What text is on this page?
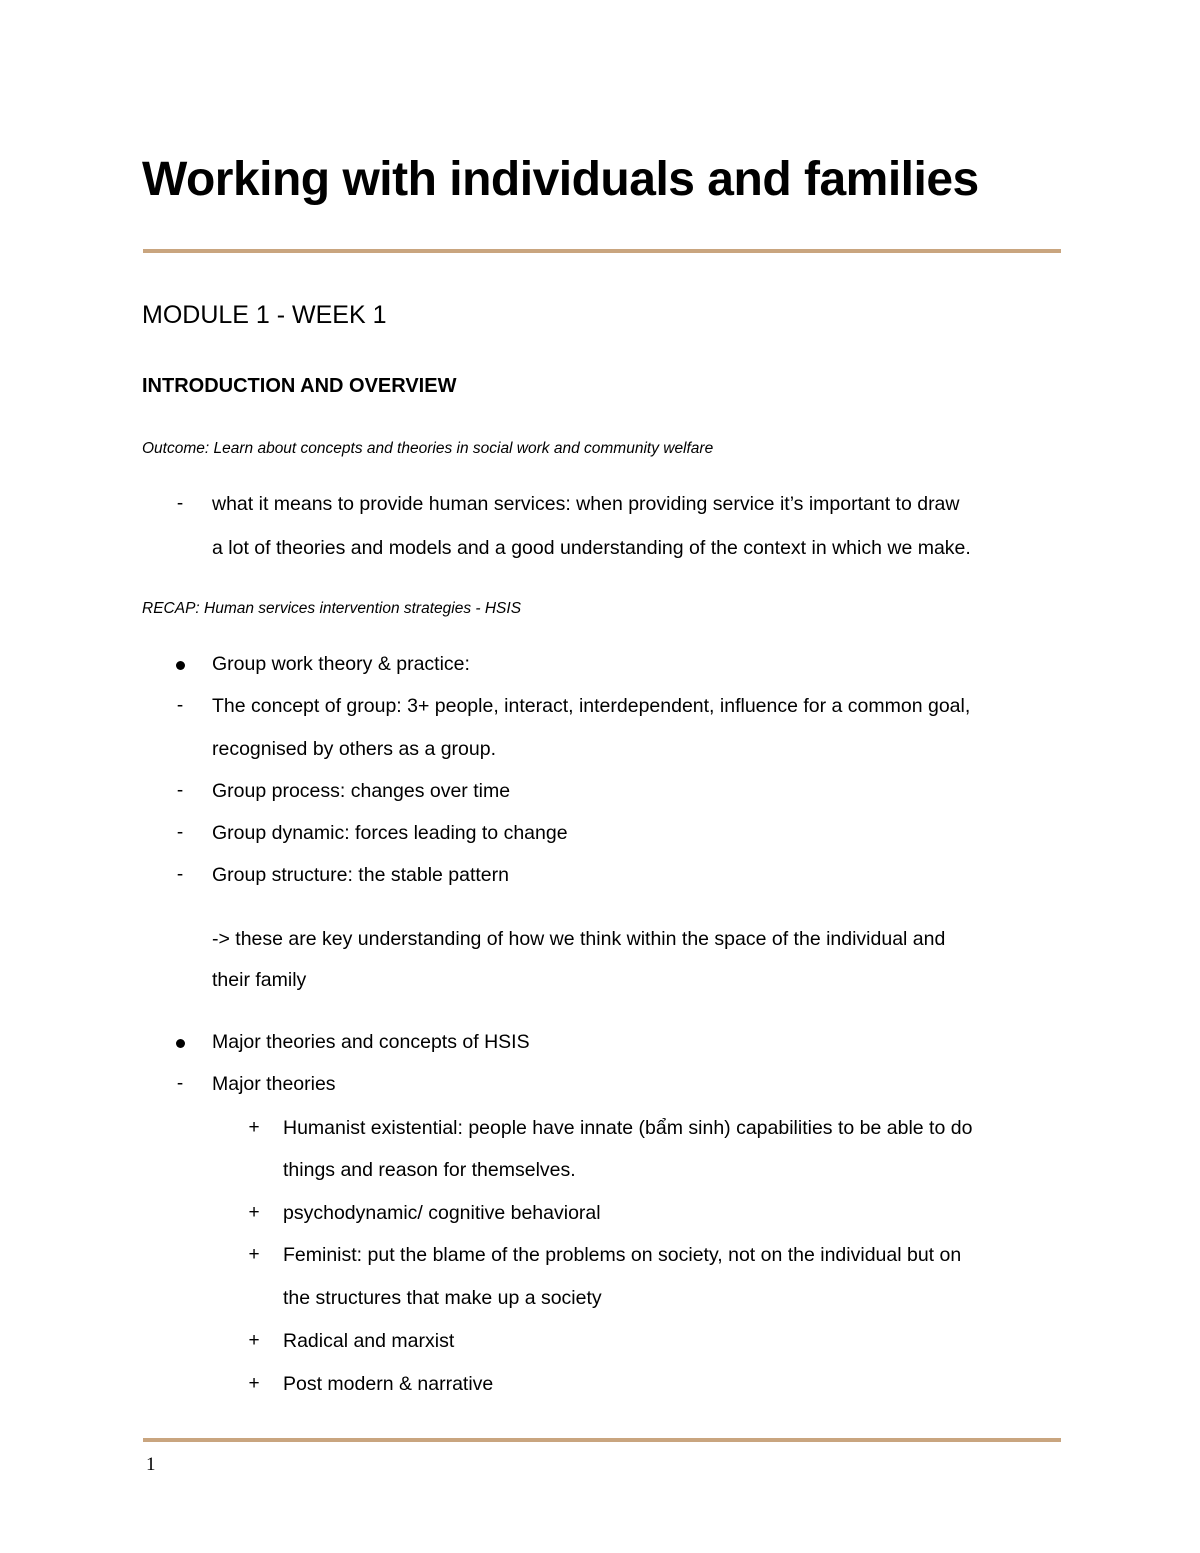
Working with individuals and families
MODULE 1 - WEEK 1
INTRODUCTION AND OVERVIEW
Outcome: Learn about concepts and theories in social work and community welfare
-	what it means to provide human services: when providing service it’s important to draw
a lot of theories and models and a good understanding of the context in which we make.
RECAP: Human services intervention strategies - HSIS
Group work theory & practice:
-	The concept of group: 3+ people, interact, interdependent, influence for a common goal,
recognised by others as a group.
-	Group process: changes over time
-	Group dynamic: forces leading to change
-	Group structure: the stable pattern
-> these are key understanding of how we think within the space of the individual and
their family
Major theories and concepts of HSIS
-	Major theories
+ Humanist existential: people have innate (bẩm sinh) capabilities to be able to do
things and reason for themselves.
+ psychodynamic/ cognitive behavioral
+ Feminist: put the blame of the problems on society, not on the individual but on
the structures that make up a society
+ Radical and marxist
+ Post modern & narrative
1
